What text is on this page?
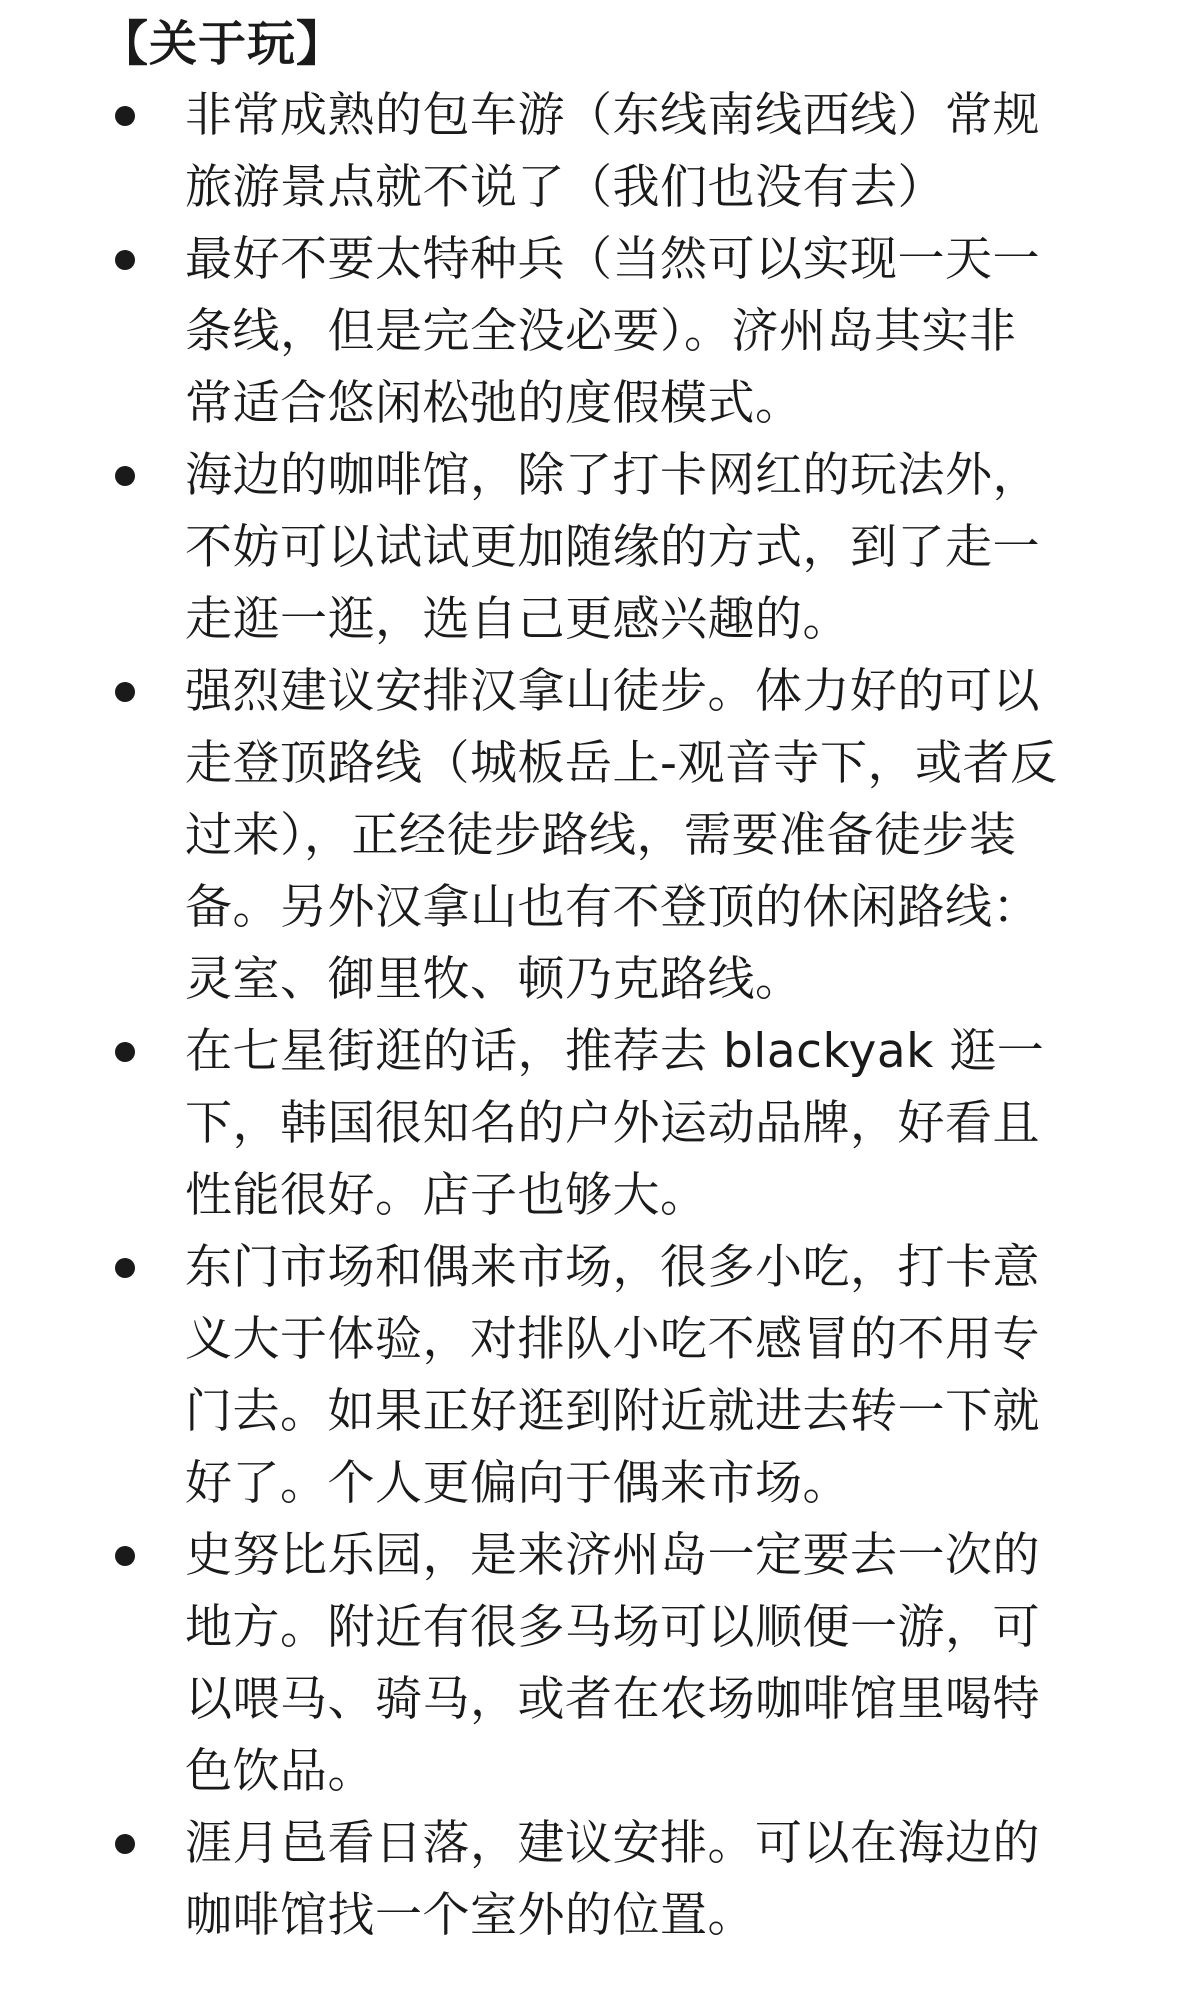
【关于玩】
非常成熟的包车游（东线南线西线）常规旅游景点就不说了（我们也没有去）
最好不要太特种兵（当然可以实现一天一条线，但是完全没必要）。济州岛其实非常适合悠闲松弛的度假模式。
海边的咖啡馆，除了打卡网红的玩法外，不妨可以试试更加随缘的方式，到了走一走逛一逛，选自己更感兴趣的。
强烈建议安排汉拿山徒步。体力好的可以走登顶路线（城板岳上-观音寺下，或者反过来），正经徒步路线，需要准备徒步装备。另外汉拿山也有不登顶的休闲路线：灵室、御里牧、顿乃克路线。
在七星街逛的话，推荐去 blackyak 逛一下，韩国很知名的户外运动品牌，好看且性能很好。店子也够大。
东门市场和偶来市场，很多小吃，打卡意义大于体验，对排队小吃不感冒的不用专门去。如果正好逛到附近就进去转一下就好了。个人更偏向于偶来市场。
史努比乐园，是来济州岛一定要去一次的地方。附近有很多马场可以顺便一游，可以喂马、骑马，或者在农场咖啡馆里喝特色饮品。
涯月邑看日落，建议安排。可以在海边的咖啡馆找一个室外的位置。
